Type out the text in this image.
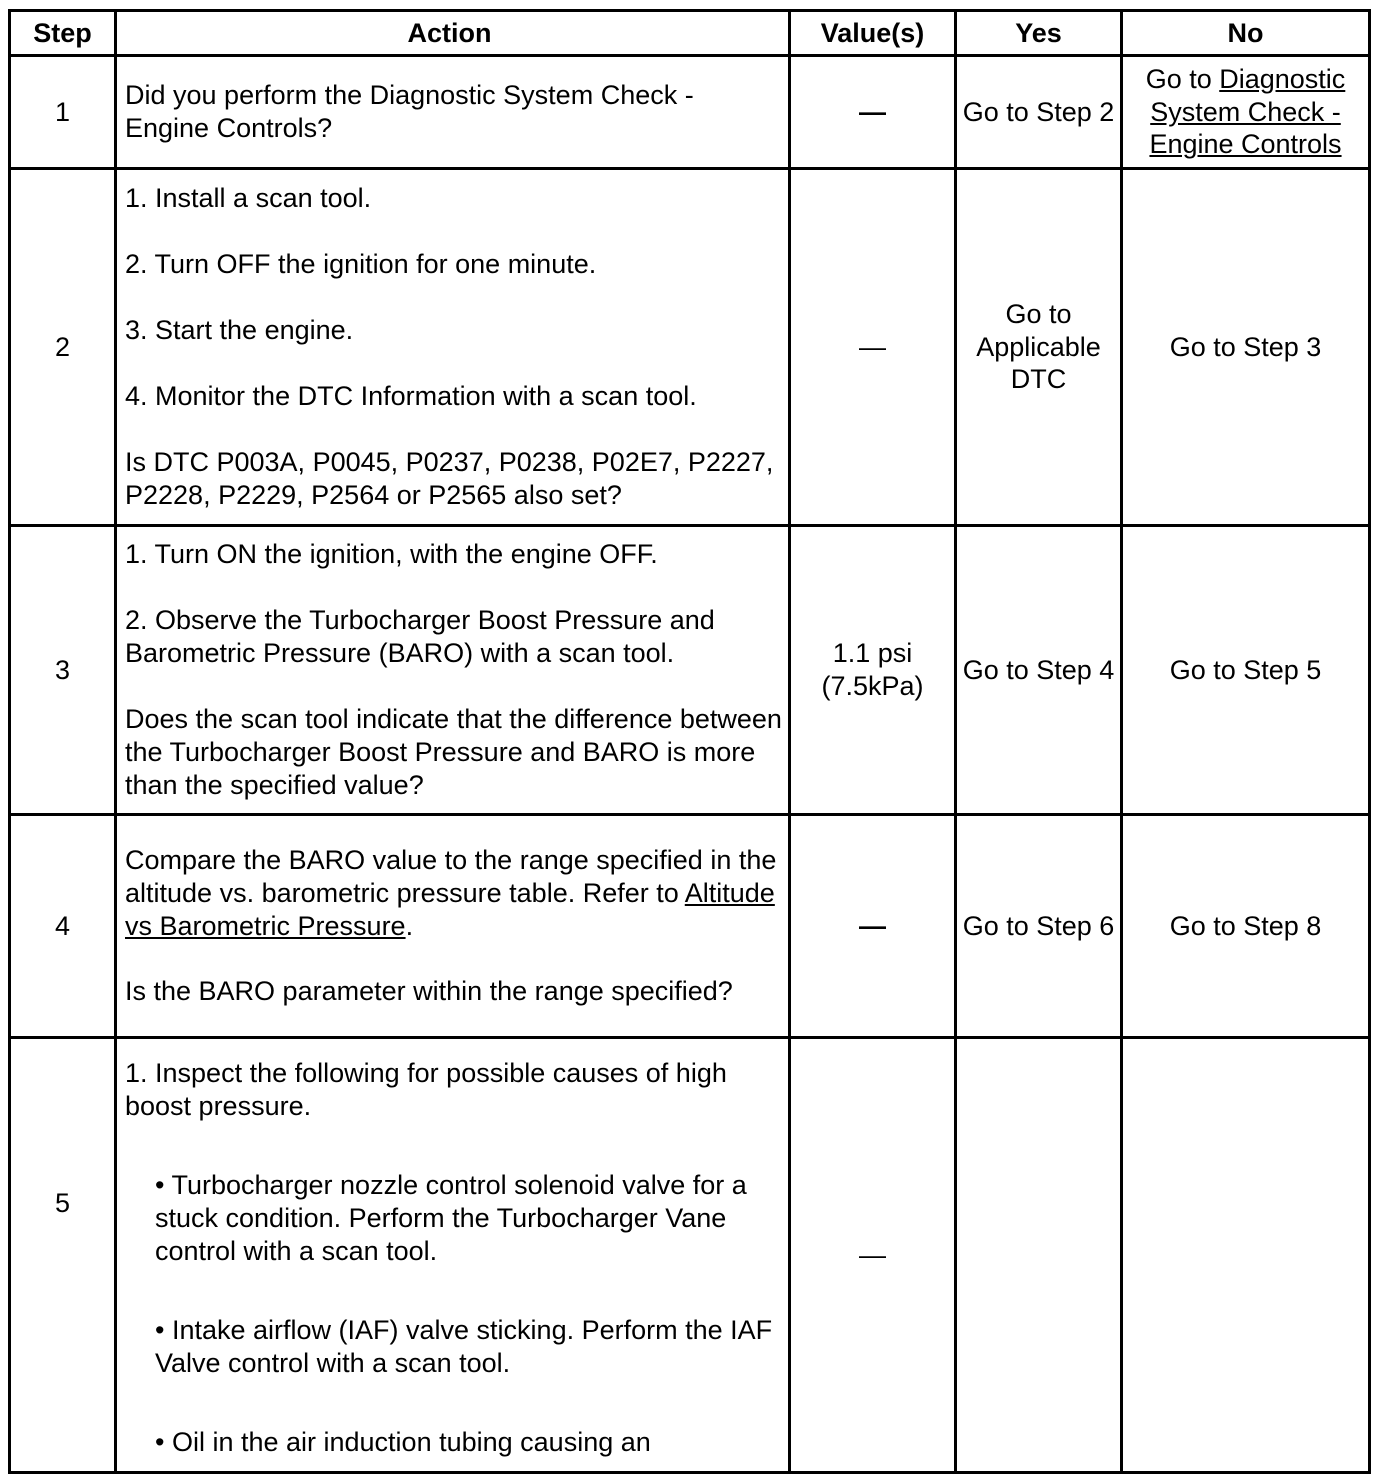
Step	Action	Value(s)	Yes	No
1	Did you perform the Diagnostic System Check - Engine Controls?	—	Go to Step 2	Go to Diagnostic System Check - Engine Controls
2	1. Install a scan tool.

2. Turn OFF the ignition for one minute.

3. Start the engine.

4. Monitor the DTC Information with a scan tool.

Is DTC P003A, P0045, P0237, P0238, P02E7, P2227, P2228, P2229, P2564 or P2565 also set?	—	Go to Applicable DTC	Go to Step 3
3	1. Turn ON the ignition, with the engine OFF.

2. Observe the Turbocharger Boost Pressure and Barometric Pressure (BARO) with a scan tool.

Does the scan tool indicate that the difference between the Turbocharger Boost Pressure and BARO is more than the specified value?	1.1 psi (7.5kPa)	Go to Step 4	Go to Step 5
4	Compare the BARO value to the range specified in the altitude vs. barometric pressure table. Refer to Altitude vs Barometric Pressure.

Is the BARO parameter within the range specified?	—	Go to Step 6	Go to Step 8
5	1. Inspect the following for possible causes of high boost pressure.

• Turbocharger nozzle control solenoid valve for a stuck condition. Perform the Turbocharger Vane control with a scan tool.

• Intake airflow (IAF) valve sticking. Perform the IAF Valve control with a scan tool.

• Oil in the air induction tubing causing an	—		
